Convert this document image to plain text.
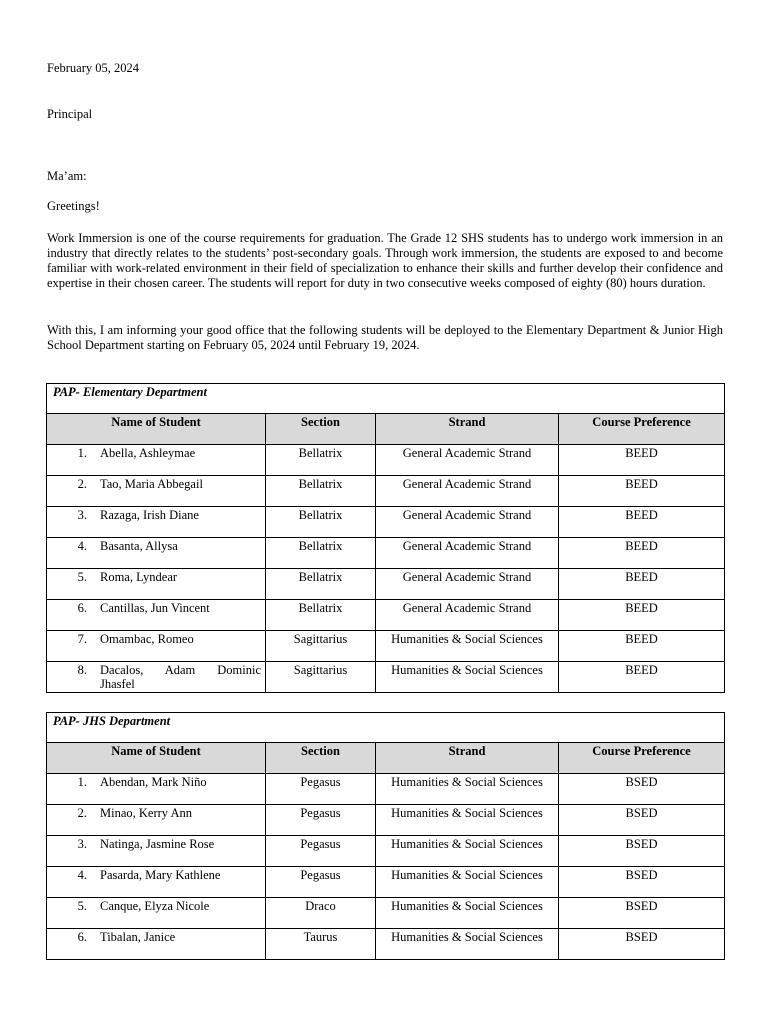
February 05, 2024

Principal

Ma’am:

Greetings!

Work Immersion is one of the course requirements for graduation. The Grade 12 SHS students has to undergo work immersion in an industry that directly relates to the students’ post-secondary goals. Through work immersion, the students are exposed to and become familiar with work-related environment in their field of specialization to enhance their skills and further develop their confidence and expertise in their chosen career. The students will report for duty in two consecutive weeks composed of eighty (80) hours duration.

With this, I am informing your good office that the following students will be deployed to the Elementary Department & Junior High School Department starting on February 05, 2024 until February 19, 2024.

PAP- Elementary Department			

Name of Student	Section	Strand	Course Preference

1. Abella, Ashleymae	Bellatrix	General Academic Strand	BEED

2. Tao, Maria Abbegail	Bellatrix	General Academic Strand	BEED

3. Razaga, Irish Diane	Bellatrix	General Academic Strand	BEED

4. Basanta, Allysa	Bellatrix	General Academic Strand	BEED

5. Roma, Lyndear	Bellatrix	General Academic Strand	BEED

6. Cantillas, Jun Vincent	Bellatrix	General Academic Strand	BEED

7. Omambac, Romeo	Sagittarius	Humanities & Social Sciences	BEED

8. Dacalos, Adam Dominic Jhasfel	Sagittarius	Humanities & Social Sciences	BEED
PAP- JHS Department			

Name of Student	Section	Strand	Course Preference

1. Abendan, Mark Niño	Pegasus	Humanities & Social Sciences	BSED

2. Minao, Kerry Ann	Pegasus	Humanities & Social Sciences	BSED

3. Natinga, Jasmine Rose	Pegasus	Humanities & Social Sciences	BSED

4. Pasarda, Mary Kathlene	Pegasus	Humanities & Social Sciences	BSED

5. Canque, Elyza Nicole	Draco	Humanities & Social Sciences	BSED

6. Tibalan, Janice	Taurus	Humanities & Social Sciences	BSED
